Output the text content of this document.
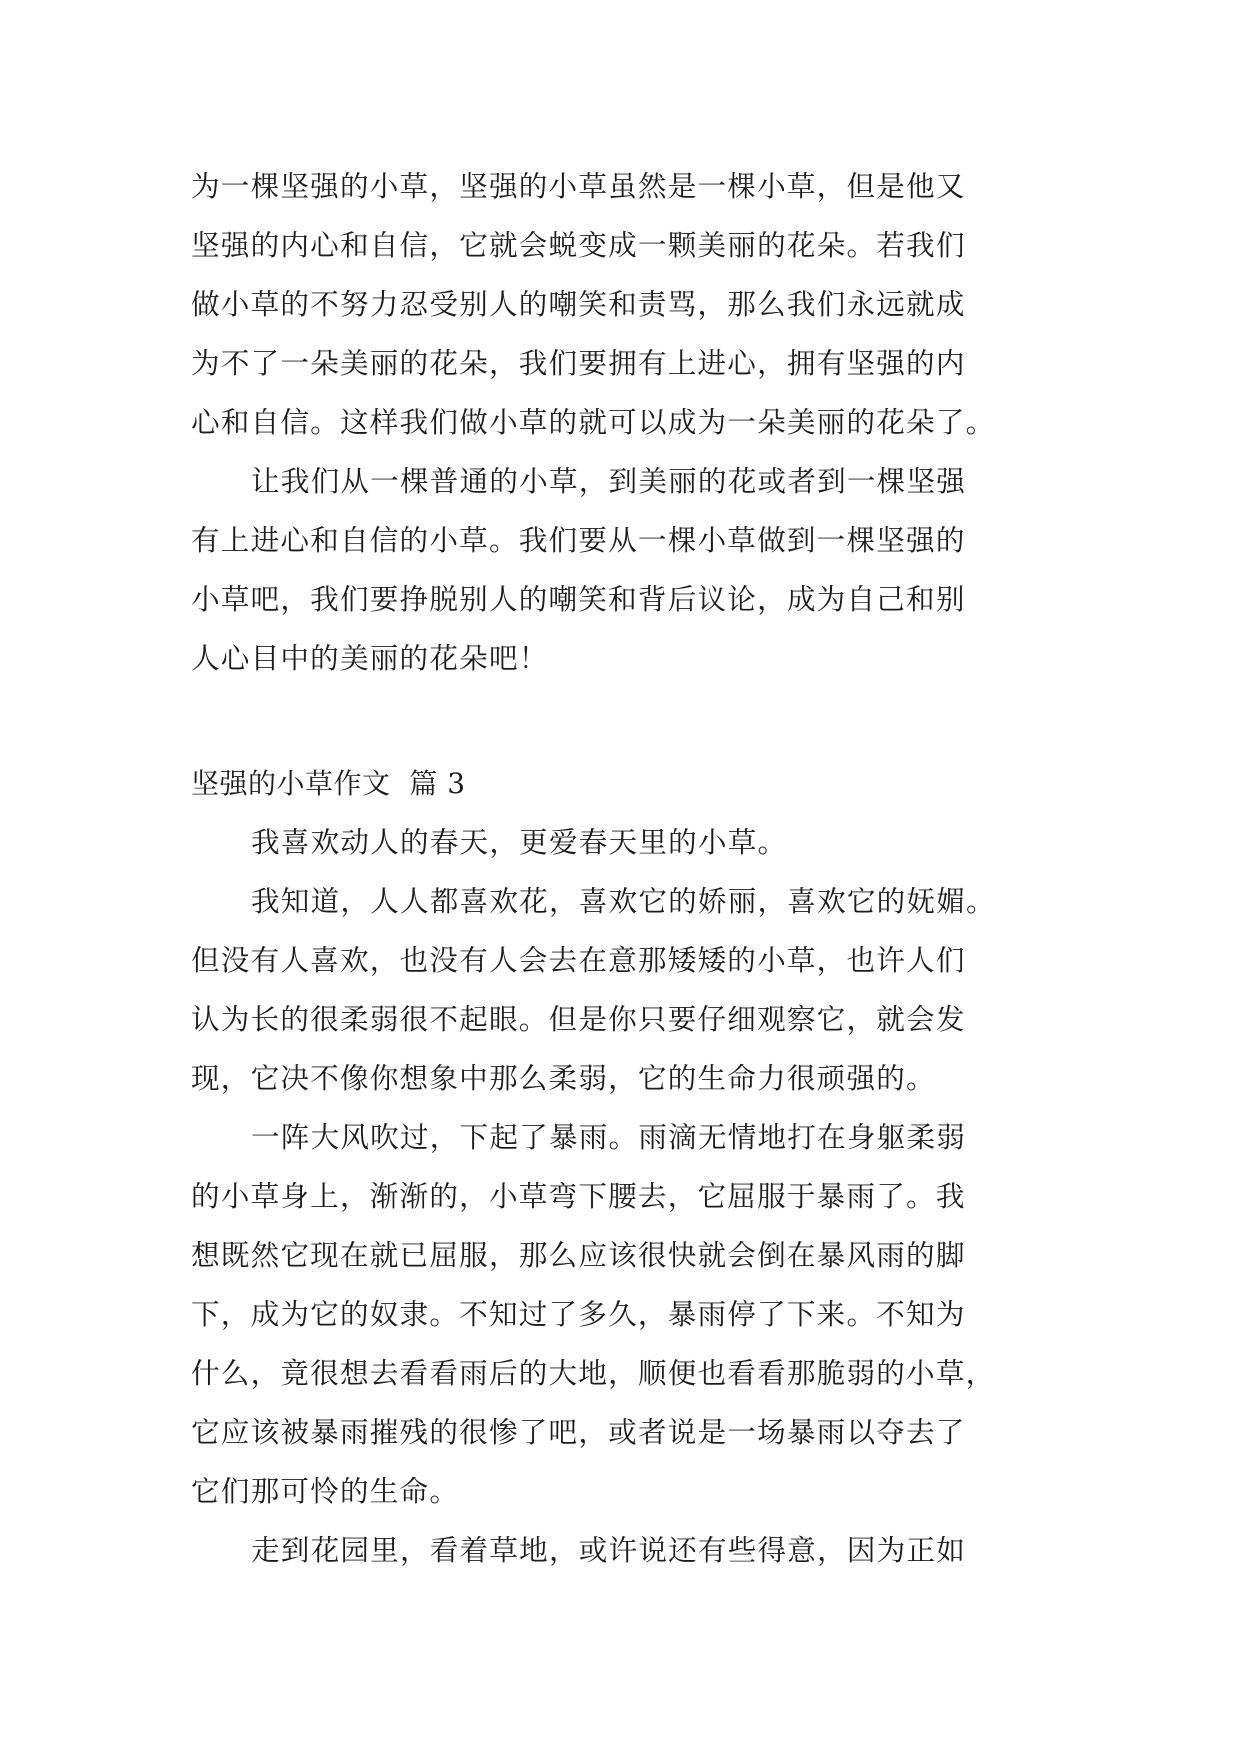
为一棵坚强的小草，坚强的小草虽然是一棵小草，但是他又
坚强的内心和自信，它就会蜕变成一颗美丽的花朵。若我们
做小草的不努力忍受别人的嘲笑和责骂，那么我们永远就成
为不了一朵美丽的花朵，我们要拥有上进心，拥有坚强的内
心和自信。这样我们做小草的就可以成为一朵美丽的花朵了。
让我们从一棵普通的小草，到美丽的花或者到一棵坚强
有上进心和自信的小草。我们要从一棵小草做到一棵坚强的
小草吧，我们要挣脱别人的嘲笑和背后议论，成为自己和别
人心目中的美丽的花朵吧！
坚强的小草作文  篇 3
我喜欢动人的春天，更爱春天里的小草。
我知道，人人都喜欢花，喜欢它的娇丽，喜欢它的妩媚。
但没有人喜欢，也没有人会去在意那矮矮的小草，也许人们
认为长的很柔弱很不起眼。但是你只要仔细观察它，就会发
现，它决不像你想象中那么柔弱，它的生命力很顽强的。
一阵大风吹过，下起了暴雨。雨滴无情地打在身躯柔弱
的小草身上，渐渐的，小草弯下腰去，它屈服于暴雨了。我
想既然它现在就已屈服，那么应该很快就会倒在暴风雨的脚
下，成为它的奴隶。不知过了多久，暴雨停了下来。不知为
什么，竟很想去看看雨后的大地，顺便也看看那脆弱的小草，
它应该被暴雨摧残的很惨了吧，或者说是一场暴雨以夺去了
它们那可怜的生命。
走到花园里，看着草地，或许说还有些得意，因为正如
